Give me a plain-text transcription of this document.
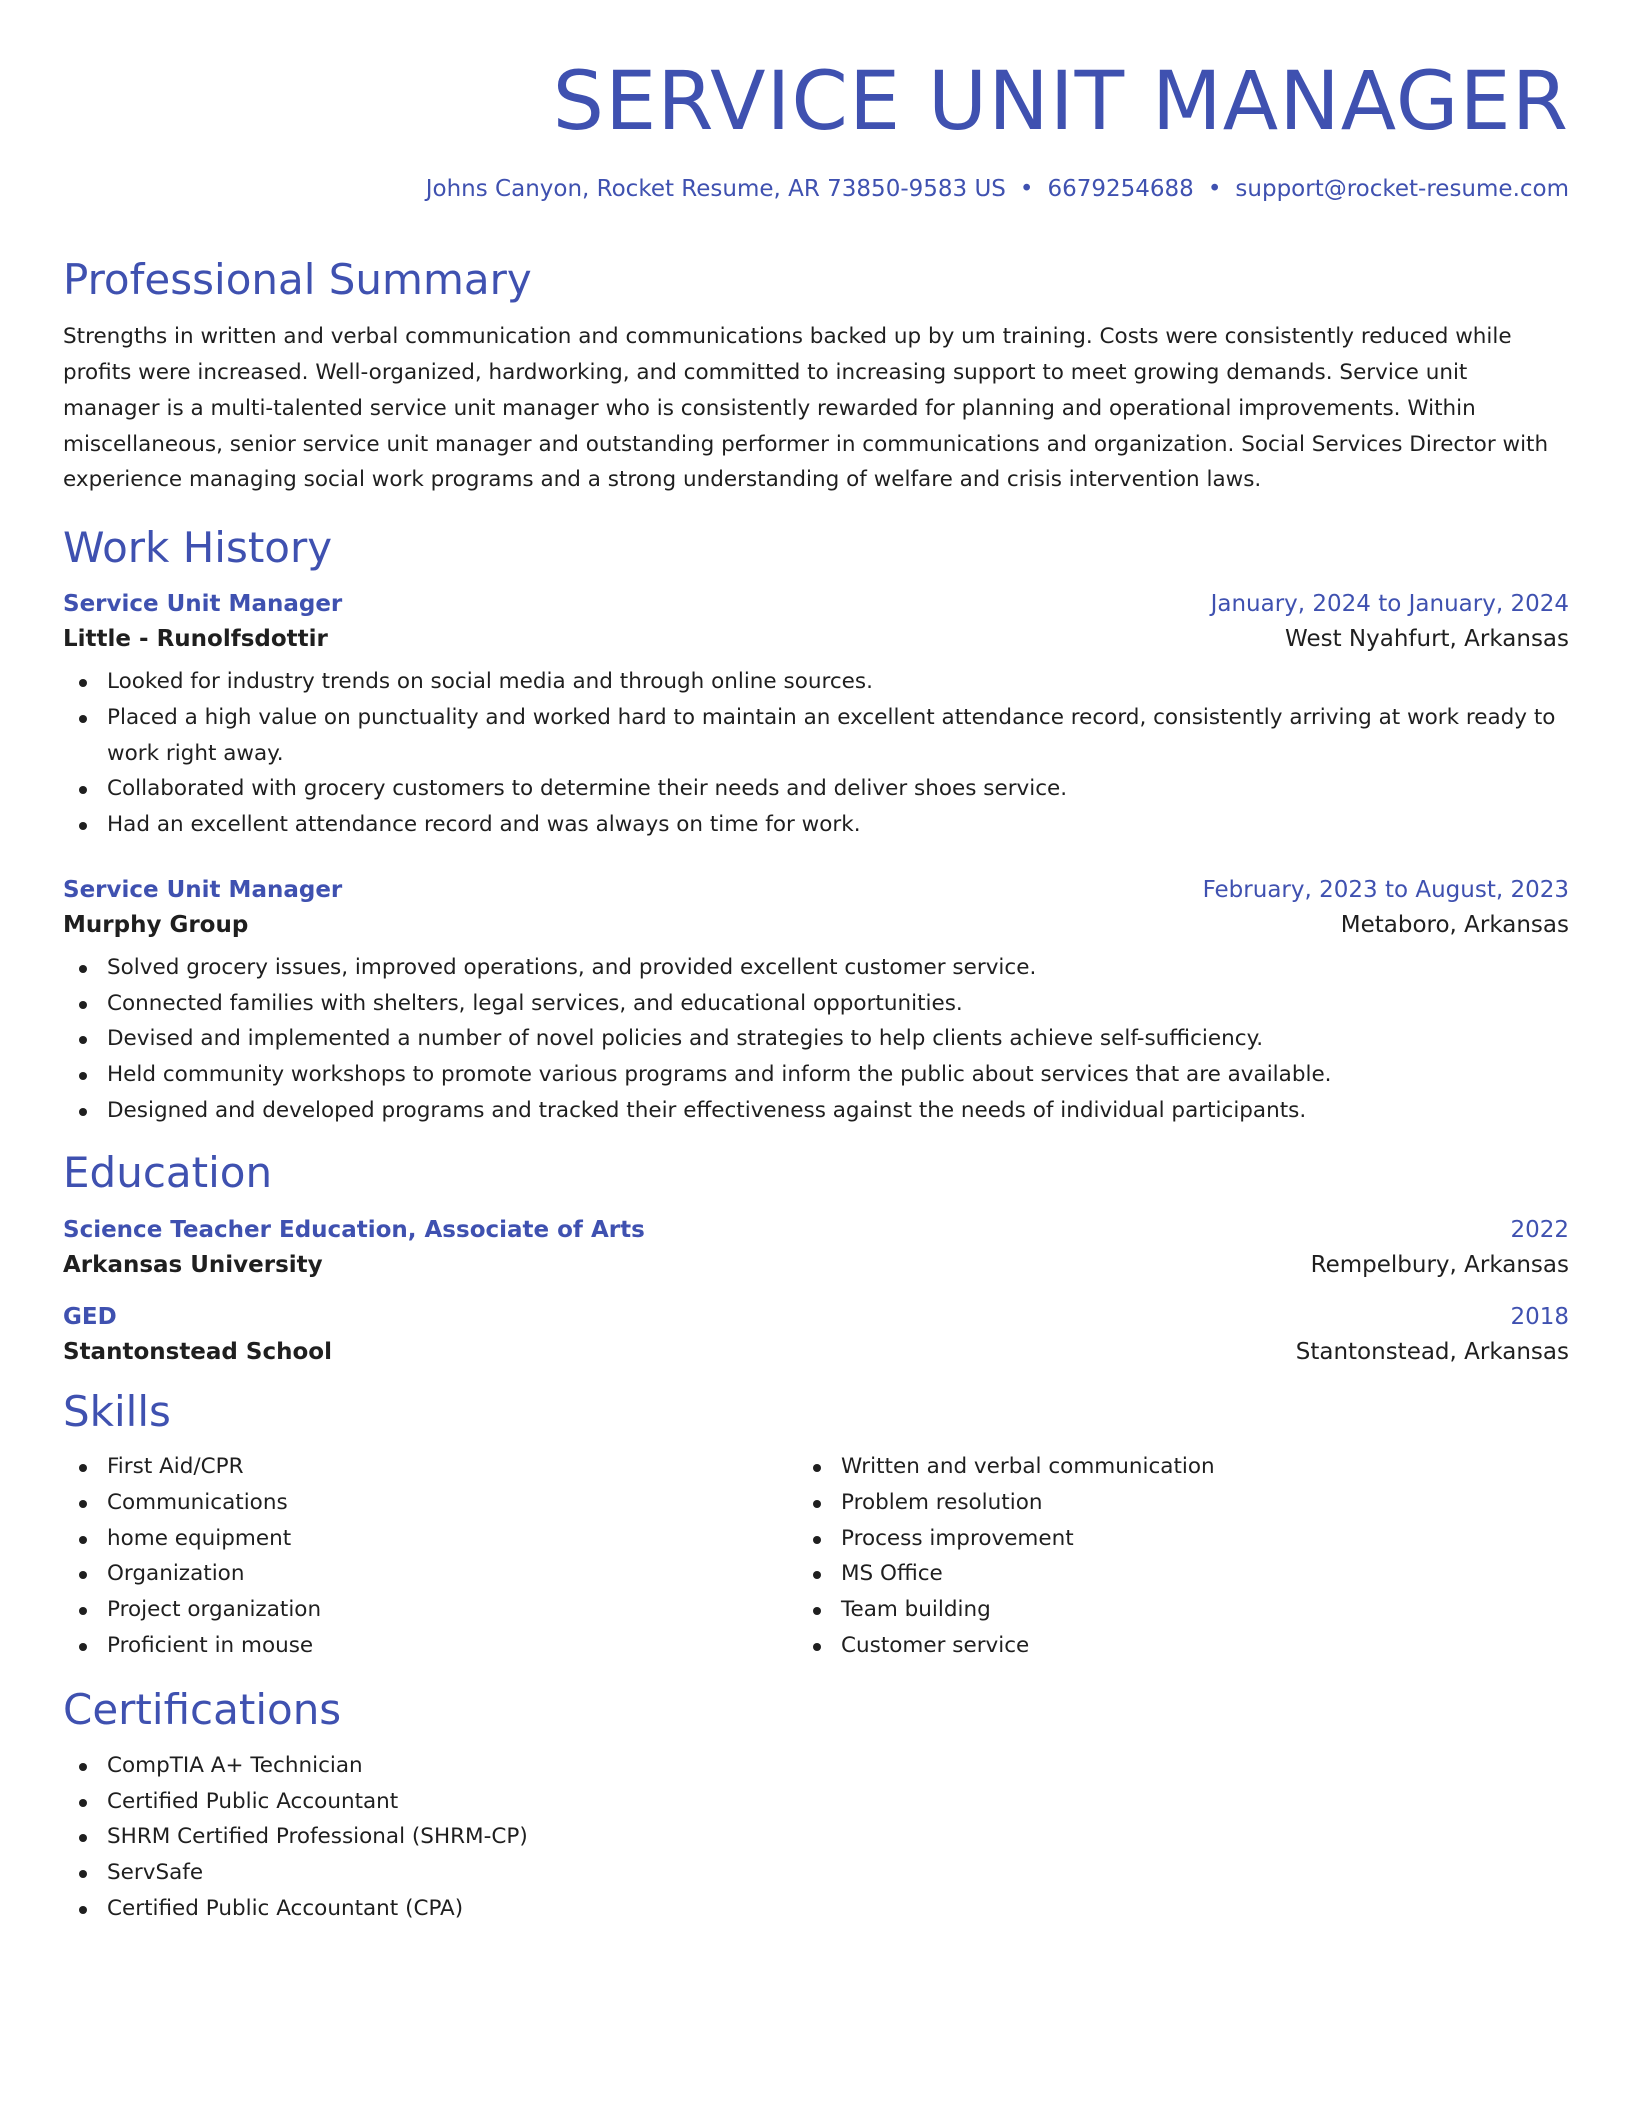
SERVICE UNIT MANAGER
Johns Canyon, Rocket Resume, AR 73850-9583 US • 6679254688 • support@rocket-resume.com
Professional Summary

Strengths in written and verbal communication and communications backed up by um training. Costs were consistently reduced while profits were increased. Well-organized, hardworking, and committed to increasing support to meet growing demands. Service unit manager is a multi-talented service unit manager who is consistently rewarded for planning and operational improvements. Within miscellaneous, senior service unit manager and outstanding performer in communications and organization. Social Services Director with experience managing social work programs and a strong understanding of welfare and crisis intervention laws.

Work History
Service Unit Manager	January, 2024 to January, 2024
Little - Runolfsdottir	West Nyahfurt, Arkansas
Looked for industry trends on social media and through online sources.
Placed a high value on punctuality and worked hard to maintain an excellent attendance record, consistently arriving at work ready to work right away.
Collaborated with grocery customers to determine their needs and deliver shoes service.
Had an excellent attendance record and was always on time for work.
Service Unit Manager	February, 2023 to August, 2023
Murphy Group	Metaboro, Arkansas
Solved grocery issues, improved operations, and provided excellent customer service.
Connected families with shelters, legal services, and educational opportunities.
Devised and implemented a number of novel policies and strategies to help clients achieve self-sufficiency.
Held community workshops to promote various programs and inform the public about services that are available.
Designed and developed programs and tracked their effectiveness against the needs of individual participants.
Education
Science Teacher Education, Associate of Arts	2022
Arkansas University	Rempelbury, Arkansas
GED	2018
Stantonstead School	Stantonstead, Arkansas
Skills
First Aid/CPR
Communications
home equipment
Organization
Project organization
Proficient in mouse
Written and verbal communication
Problem resolution
Process improvement
MS Office
Team building
Customer service
Certifications
CompTIA A+ Technician
Certified Public Accountant
SHRM Certified Professional (SHRM-CP)
ServSafe
Certified Public Accountant (CPA)
